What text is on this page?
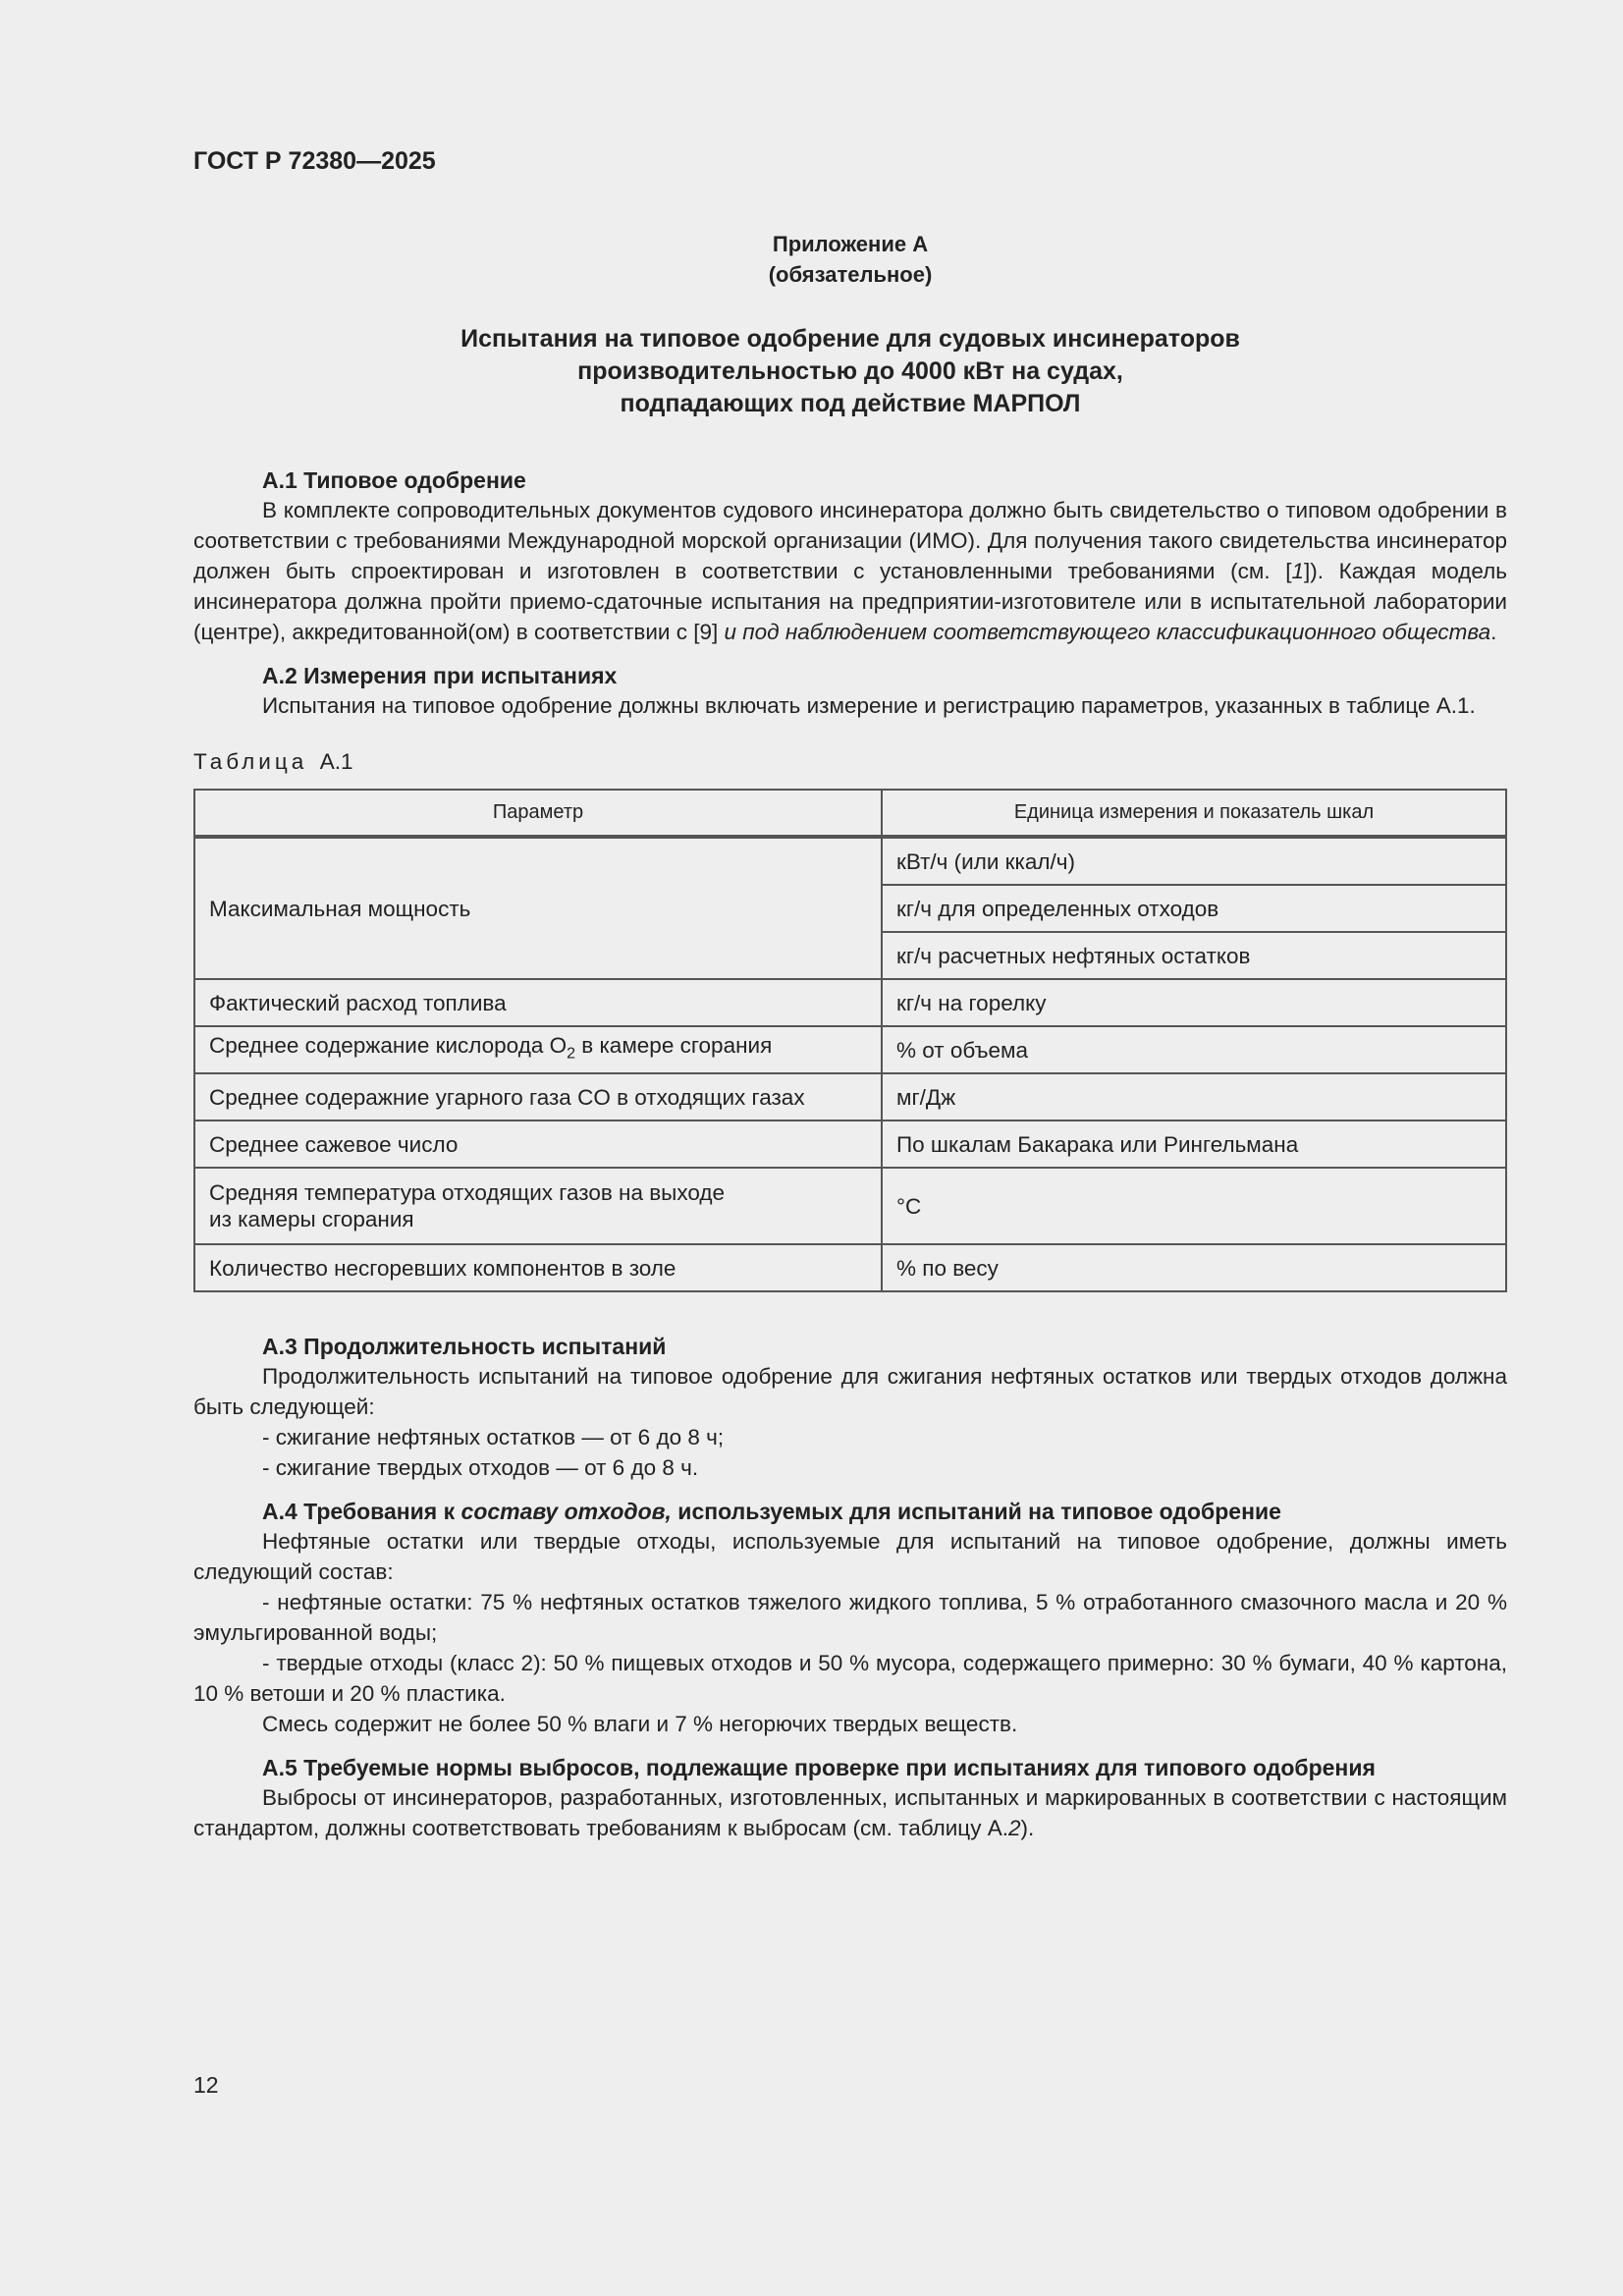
ГОСТ Р 72380—2025
Приложение А
(обязательное)
Испытания на типовое одобрение для судовых инсинераторов
производительностью до 4000 кВт на судах,
подпадающих под действие МАРПОЛ
А.1 Типовое одобрение

В комплекте сопроводительных документов судового инсинератора должно быть свидетельство о типовом одобрении в соответствии с требованиями Международной морской организации (ИМО). Для получения такого свидетельства инсинератор должен быть спроектирован и изготовлен в соответствии с установленными требованиями (см. [1]). Каждая модель инсинератора должна пройти приемо-сдаточные испытания на предприятии-изготовителе или в испытательной лаборатории (центре), аккредитованной(ом) в соответствии с [9] и под наблюдением соответствующего классификационного общества.

А.2 Измерения при испытаниях

Испытания на типовое одобрение должны включать измерение и регистрацию параметров, указанных в таблице А.1.

Таблица А.1
Параметр	Единица измерения и показатель шкал
Максимальная мощность	кВт/ч (или ккал/ч)
	кг/ч для определенных отходов
	кг/ч расчетных нефтяных остатков
Фактический расход топлива	кг/ч на горелку
Среднее содержание кислорода $O_2$ в камере сгорания	% от объема
Среднее содеражние угарного газа CO в отходящих газах	мг/Дж
Среднее сажевое число	По шкалам Бакарака или Рингельмана

Средняя температура отходящих газов на выходе
из камеры сгорания	°С
Количество несгоревших компонентов в золе	% по весу
А.3 Продолжительность испытаний

Продолжительность испытаний на типовое одобрение для сжигания нефтяных остатков или твердых отходов должна быть следующей:

- сжигание нефтяных остатков — от 6 до 8 ч;
- сжигание твердых отходов — от 6 до 8 ч.
А.4 Требования к составу отходов, используемых для испытаний на типовое одобрение

Нефтяные остатки или твердые отходы, используемые для испытаний на типовое одобрение, должны иметь следующий состав:

- нефтяные остатки: 75 % нефтяных остатков тяжелого жидкого топлива, 5 % отработанного смазочного масла и 20 % эмульгированной воды;

- твердые отходы (класс 2): 50 % пищевых отходов и 50 % мусора, содержащего примерно: 30 % бумаги, 40 % картона, 10 % ветоши и 20 % пластика.

Смесь содержит не более 50 % влаги и 7 % негорючих твердых веществ.

А.5 Требуемые нормы выбросов, подлежащие проверке при испытаниях для типового одобрения

Выбросы от инсинераторов, разработанных, изготовленных, испытанных и маркированных в соответствии с настоящим стандартом, должны соответствовать требованиям к выбросам (см. таблицу А.2).

12
